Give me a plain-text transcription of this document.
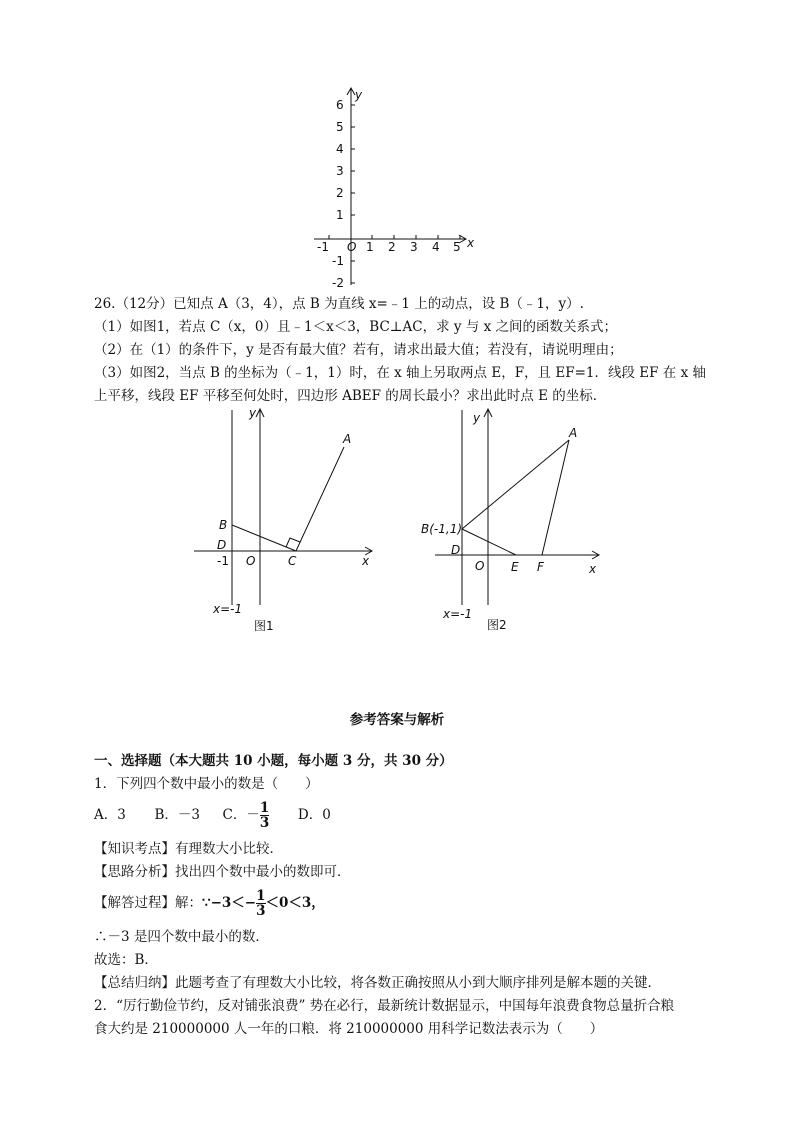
y
6
5
4
3
2
1
-1
-2
O
-1	1 2 3 4 5 x
26.（12分）已知点 A（3，4），点 B 为直线 x=﹣1 上的动点，设 B（﹣1，y）.
（1）如图1，若点 C（x，0）且﹣1＜x＜3，BC⊥AC，求 y 与 x 之间的函数关系式；
（2）在（1）的条件下，y 是否有最大值？若有，请求出最大值；若没有，请说明理由；
（3）如图2，当点 B 的坐标为（﹣1，1）时，在 x 轴上另取两点 E，F，且 EF=1．线段 EF 在 x 轴
上平移，线段 EF 平移至何处时，四边形 ABEF 的周长最小？求出此时点 E 的坐标．
A
B
D
O	C	x
y
-1
x=-1
图1
A
B(-1,1)
D
O E F	x
y
x=-1
图2
参考答案与解析
一、选择题（本大题共 10 小题，每小题 3 分，共 30 分）
1．下列四个数中最小的数是（　　）
A．3 B．－3 C．－ $\frac{1}{3}$ D．0
【知识考点】有理数大小比较．
【思路分析】找出四个数中最小的数即可．
【解答过程】解：∵−3＜− $\frac{1}{3} <0<3$，
∴－3 是四个数中最小的数．
故选：B．
【总结归纳】此题考查了有理数大小比较，将各数正确按照从小到大顺序排列是解本题的关键．
2．“厉行勤俭节约，反对铺张浪费” 势在必行，最新统计数据显示，中国每年浪费食物总量折合粮
食大约是 210000000 人一年的口粮．将 210000000 用科学记数法表示为（　　）
